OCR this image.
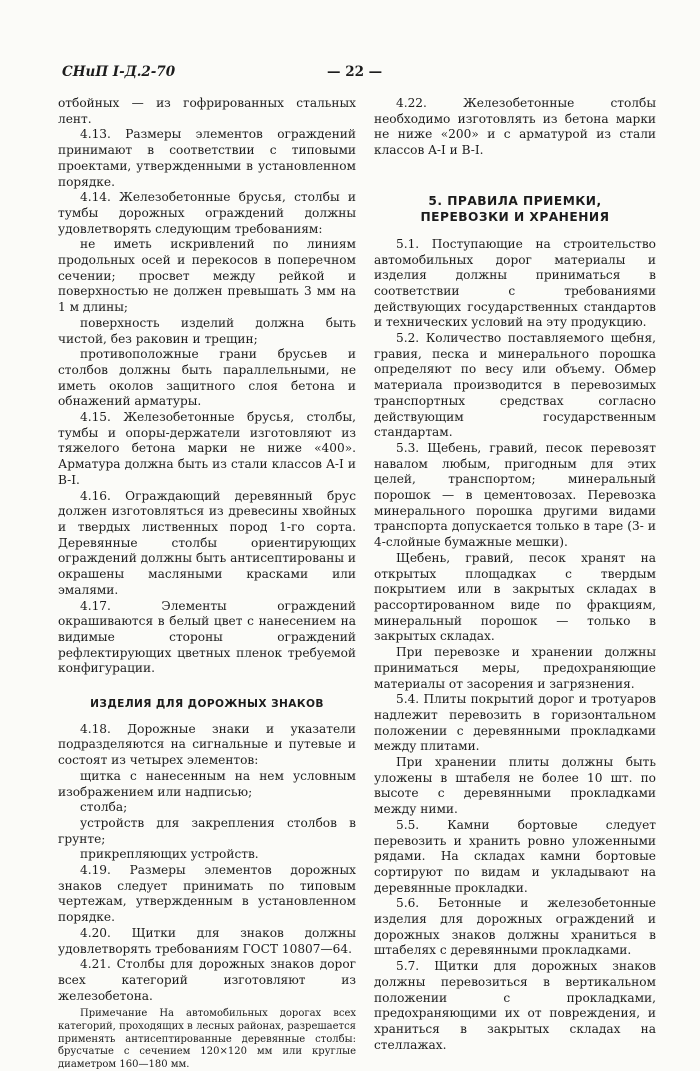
СНиП I-Д.2-70	— 22 —

отбойных — из гофрированных стальных лент.

4.13. Размеры элементов ограждений принимают в соответствии с типовыми проектами, утвержденными в установленном порядке.

4.14. Железобетонные брусья, столбы и тумбы дорожных ограждений должны удовлетворять следующим требованиям:

не иметь искривлений по линиям продольных осей и перекосов в поперечном сечении; просвет между рейкой и поверхностью не должен превышать 3 мм на 1 м длины;

поверхность изделий должна быть чистой, без раковин и трещин;

противоположные грани брусьев и столбов должны быть параллельными, не иметь околов защитного слоя бетона и обнажений арматуры.

4.15. Железобетонные брусья, столбы, тумбы и опоры-держатели изготовляют из тяжелого бетона марки не ниже «400». Арматура должна быть из стали классов A-I и B-I.

4.16. Ограждающий деревянный брус должен изготовляться из древесины хвойных и твердых лиственных пород 1-го сорта. Деревянные столбы ориентирующих ограждений должны быть антисептированы и окрашены масляными красками или эмалями.

4.17. Элементы ограждений окрашиваются в белый цвет с нанесением на видимые стороны ограждений рефлектирующих цветных пленок требуемой конфигурации.

ИЗДЕЛИЯ ДЛЯ ДОРОЖНЫХ ЗНАКОВ

4.18. Дорожные знаки и указатели подразделяются на сигнальные и путевые и состоят из четырех элементов:

щитка с нанесенным на нем условным изображением или надписью;

столба;

устройств для закрепления столбов в грунте;

прикрепляющих устройств.

4.19. Размеры элементов дорожных знаков следует принимать по типовым чертежам, утвержденным в установленном порядке.

4.20. Щитки для знаков должны удовлетворять требованиям ГОСТ 10807—64.

4.21. Столбы для дорожных знаков дорог всех категорий изготовляют из железобетона.

Примечание На автомобильных дорогах всех категорий, проходящих в лесных районах, разрешается применять антисептированные деревянные столбы: брусчатые с сечением 120×120 мм или круглые диаметром 160—180 мм.

4.22. Железобетонные столбы необходимо изготовлять из бетона марки не ниже «200» и с арматурой из стали классов A-I и B-I.

5. ПРАВИЛА ПРИЕМКИ, ПЕРЕВОЗКИ И ХРАНЕНИЯ

5.1. Поступающие на строительство автомобильных дорог материалы и изделия должны приниматься в соответствии с требованиями действующих государственных стандартов и технических условий на эту продукцию.

5.2. Количество поставляемого щебня, гравия, песка и минерального порошка определяют по весу или объему. Обмер материала производится в перевозимых транспортных средствах согласно действующим государственным стандартам.

5.3. Щебень, гравий, песок перевозят навалом любым, пригодным для этих целей, транспортом; минеральный порошок — в цементовозах. Перевозка минерального порошка другими видами транспорта допускается только в таре (3- и 4-слойные бумажные мешки).

Щебень, гравий, песок хранят на открытых площадках с твердым покрытием или в закрытых складах в рассортированном виде по фракциям, минеральный порошок — только в закрытых складах.

При перевозке и хранении должны приниматься меры, предохраняющие материалы от засорения и загрязнения.

5.4. Плиты покрытий дорог и тротуаров надлежит перевозить в горизонтальном положении с деревянными прокладками между плитами.

При хранении плиты должны быть уложены в штабеля не более 10 шт. по высоте с деревянными прокладками между ними.

5.5. Камни бортовые следует перевозить и хранить ровно уложенными рядами. На складах камни бортовые сортируют по видам и укладывают на деревянные прокладки.

5.6. Бетонные и железобетонные изделия для дорожных ограждений и дорожных знаков должны храниться в штабелях с деревянными прокладками.

5.7. Щитки для дорожных знаков должны перевозиться в вертикальном положении с прокладками, предохраняющими их от повреждения, и храниться в закрытых складах на стеллажах.
